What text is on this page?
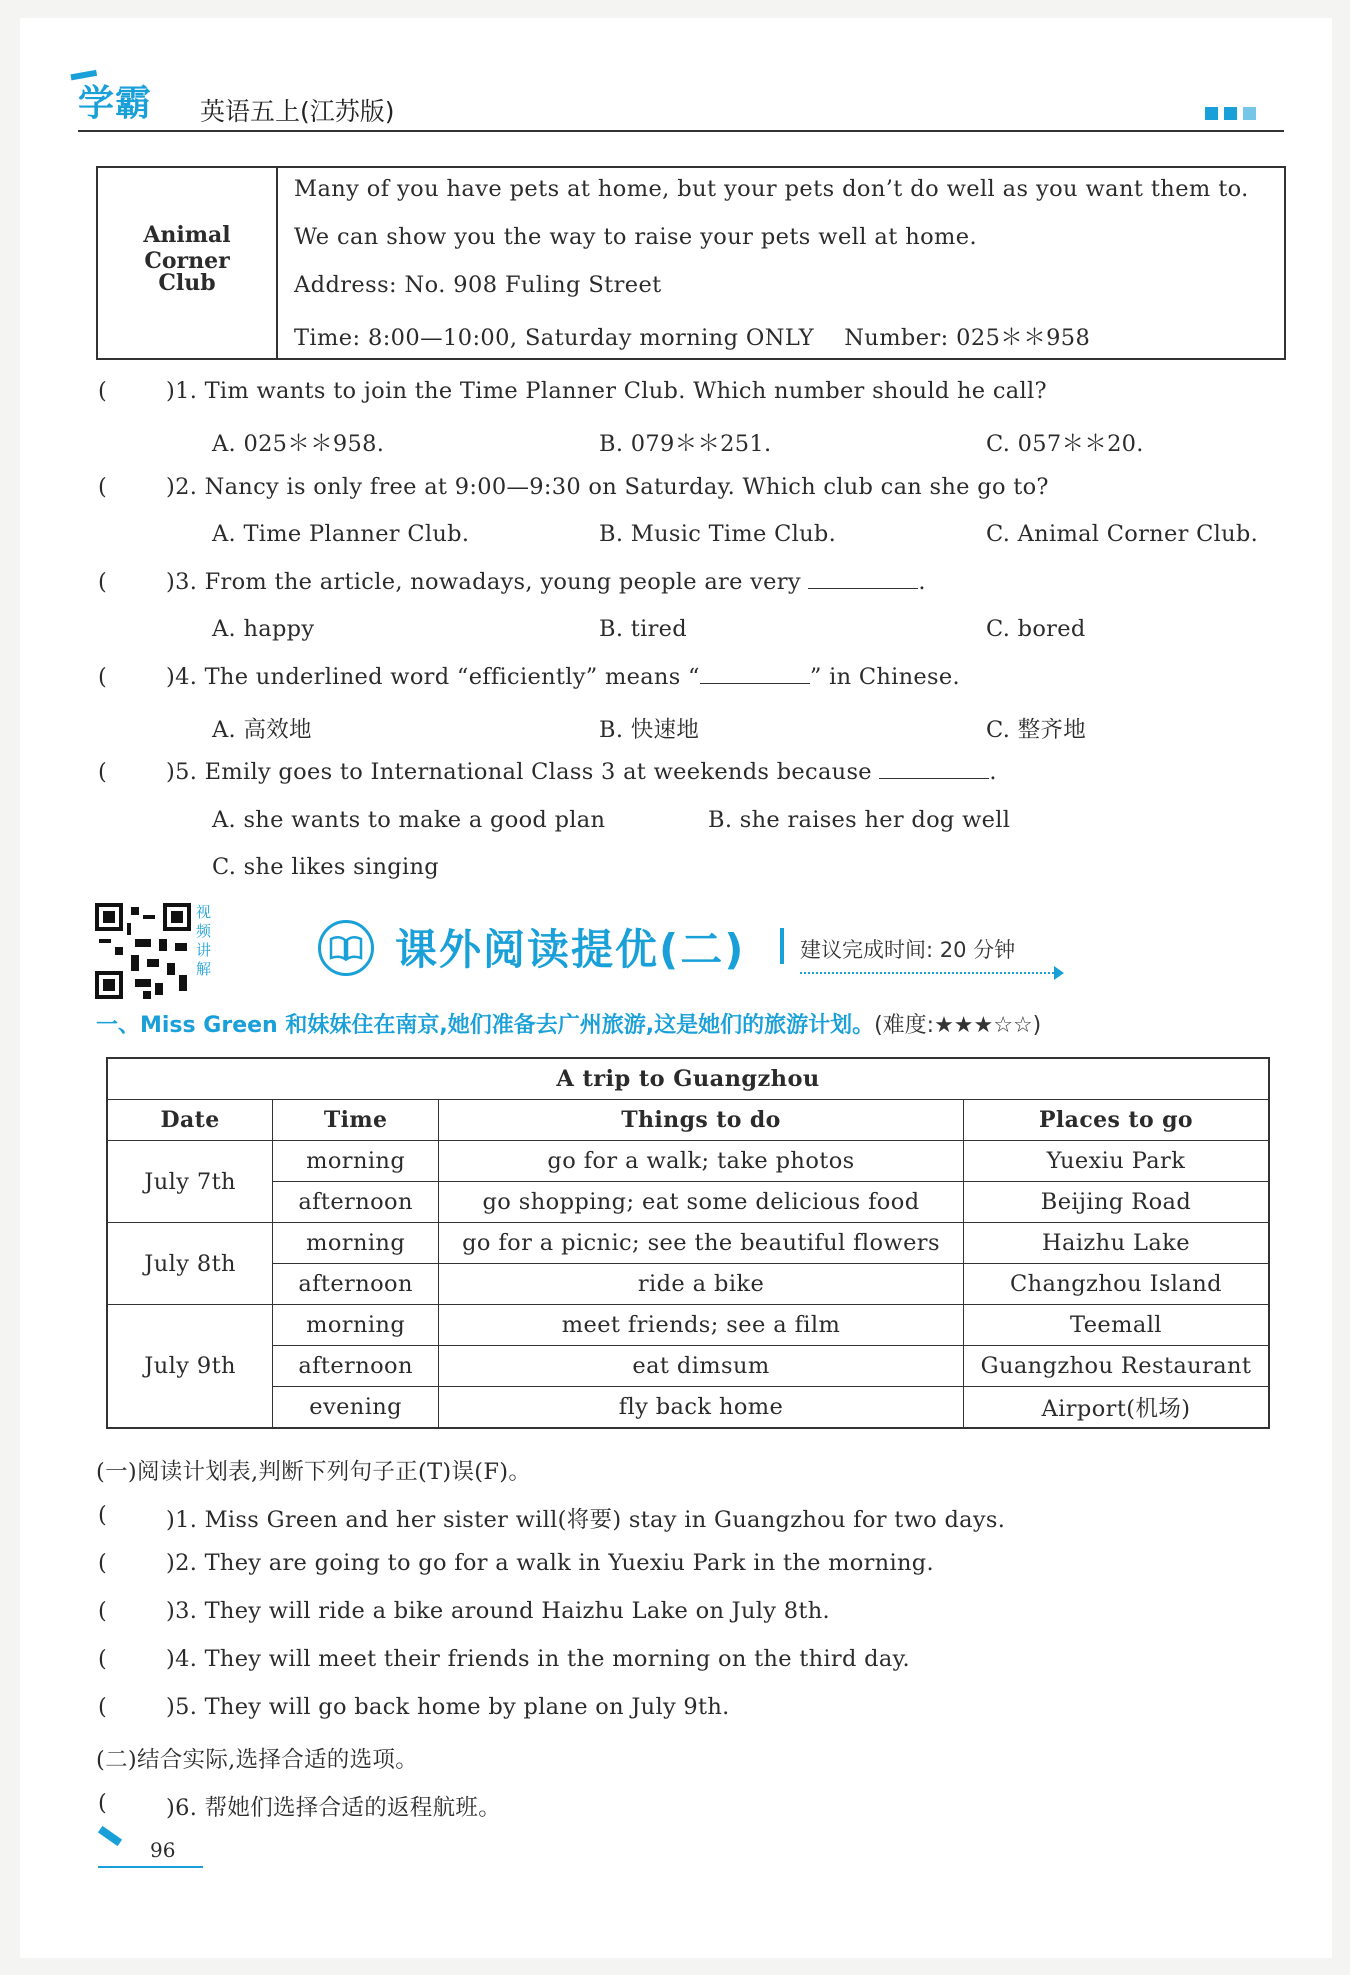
学霸 英语五上(江苏版)
Animal Corner
Club
Many of you have pets at home, but your pets don’t do well as you want them to.
We can show you the way to raise your pets well at home.
Address: No. 908 Fuling Street
Time: 8:00—10:00, Saturday morning ONLY    Number: 025＊＊958
(	)1. Tim wants to join the Time Planner Club. Which number should he call?
A. 025＊＊958.	B. 079＊＊251.	C. 057＊＊20.
(	)2. Nancy is only free at 9:00—9:30 on Saturday. Which club can she go to?
A. Time Planner Club.	B. Music Time Club.	C. Animal Corner Club.
(	)3. From the article, nowadays, young people are very	.
A. happy	B. tired	C. bored
(	)4. The underlined word “efficiently” means “	” in Chinese.
A. 高效地	B. 快速地	C. 整齐地
(	)5. Emily goes to International Class 3 at weekends because	.
A. she wants to make a good plan	B. she raises her dog well
C. she likes singing
视频讲解	课外阅读提优(二)	建议完成时间: 20 分钟
一、Miss Green 和妹妹住在南京,她们准备去广州旅游,这是她们的旅游计划。(难度:★★★☆☆)
A trip to Guangzhou			
Date	Time	Things to do	Places to go
July 7th	morning	go for a walk; take photos	Yuexiu Park
	afternoon	go shopping; eat some delicious food	Beijing Road
July 8th	morning	go for a picnic; see the beautiful flowers	Haizhu Lake
	afternoon	ride a bike	Changzhou Island
July 9th	morning	meet friends; see a film	Teemall
	afternoon	eat dimsum	Guangzhou Restaurant
	evening	fly back home	Airport(机场)
(一)阅读计划表,判断下列句子正(T)误(F)。
(	)1. Miss Green and her sister will(将要) stay in Guangzhou for two days.
(	)2. They are going to go for a walk in Yuexiu Park in the morning.
(	)3. They will ride a bike around Haizhu Lake on July 8th.
(	)4. They will meet their friends in the morning on the third day.
(	)5. They will go back home by plane on July 9th.
(二)结合实际,选择合适的选项。
(	)6. 帮她们选择合适的返程航班。
96
